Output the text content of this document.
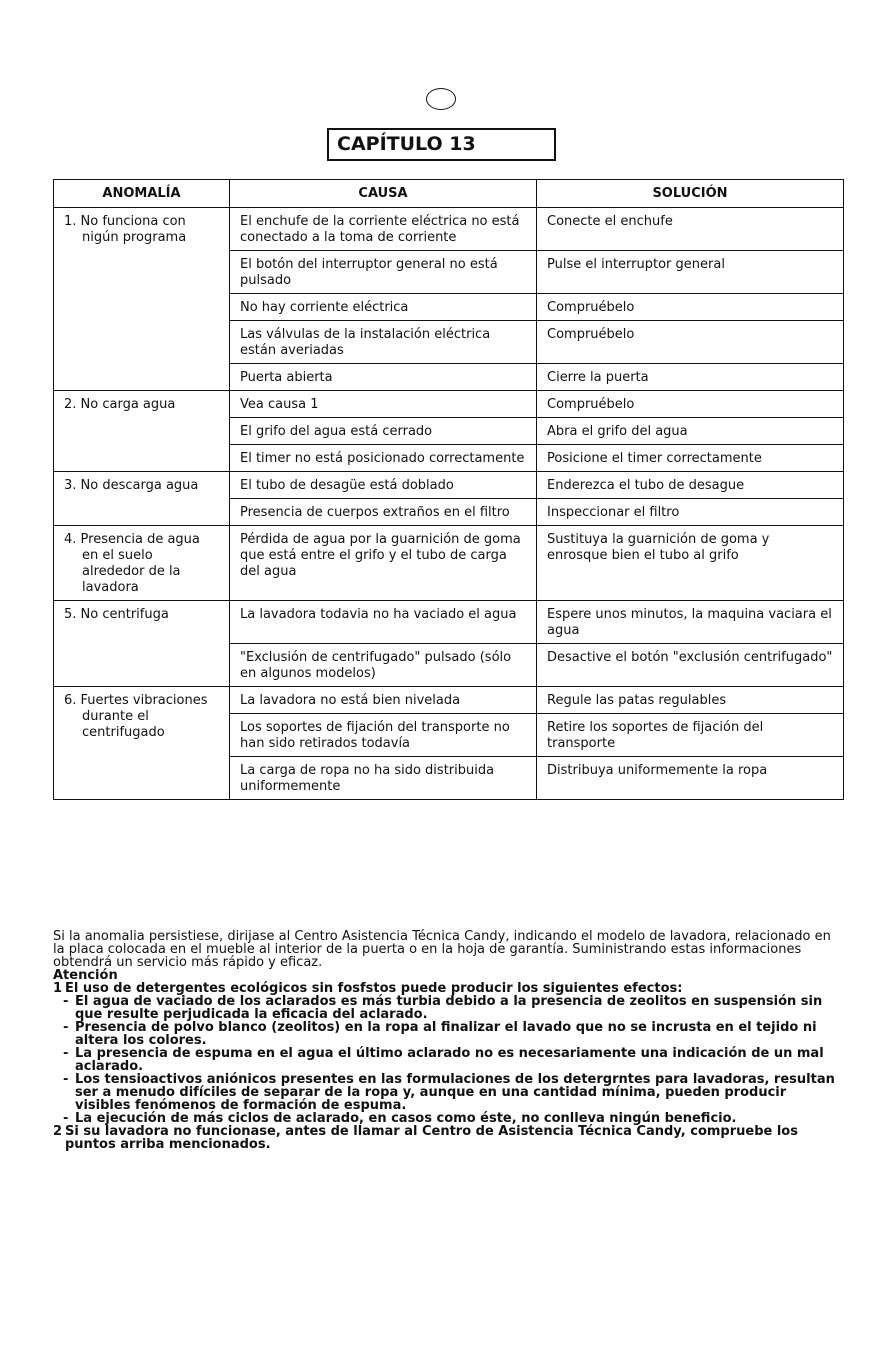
CAPÍTULO 13
ANOMALÍA	CAUSA	SOLUCIÓN

1. No funciona con nigún programa	El enchufe de la corriente eléctrica no está conectado a la toma de corriente	Conecte el enchufe
	El botón del interruptor general no está pulsado	Pulse el interruptor general
	No hay corriente eléctrica	Compruébelo
	Las válvulas de la instalación eléctrica están averiadas	Compruébelo
	Puerta abierta	Cierre la puerta

2. No carga agua	Vea causa 1	Compruébelo
	El grifo del agua está cerrado	Abra el grifo del agua
	El timer no está posicionado correctamente	Posicione el timer correctamente

3. No descarga agua	El tubo de desagüe está doblado	Enderezca el tubo de desague
	Presencia de cuerpos extraños en el filtro	Inspeccionar el filtro

4. Presencia de agua en el suelo alrededor de la lavadora	Pérdida de agua por la guarnición de goma que está entre el grifo y el tubo de carga del agua	Sustituya la guarnición de goma y enrosque bien el tubo al grifo

5. No centrifuga	La lavadora todavia no ha vaciado el agua	Espere unos minutos, la maquina vaciara el agua
	"Exclusión de centrifugado" pulsado (sólo en algunos modelos)	Desactive el botón "exclusión centrifugado"

6. Fuertes vibraciones durante el centrifugado	La lavadora no está bien nivelada	Regule las patas regulables
	Los soportes de fijación del transporte no han sido retirados todavía	Retire los soportes de fijación del transporte
	La carga de ropa no ha sido distribuida uniformemente	Distribuya uniformemente la ropa

Si la anomalia persistiese, dirijase al Centro Asistencia Técnica Candy, indicando el modelo de lavadora, relacionado en la placa colocada en el mueble al interior de la puerta o en la hoja de garantía. Suministrando estas informaciones obtendrá un servicio más rápido y eficaz.

Atención

1 El uso de detergentes ecológicos sin fosfstos puede producir los siguientes efectos:
- El agua de vaciado de los aclarados es más turbia debido a la presencia de zeolitos en suspensión sin que resulte perjudicada la eficacia del aclarado.
- Presencia de polvo blanco (zeolitos) en la ropa al finalizar el lavado que no se incrusta en el tejido ni altera los colores.
- La presencia de espuma en el agua el último aclarado no es necesariamente una indicación de un mal aclarado.
- Los tensioactivos aniónicos presentes en las formulaciones de los detergrntes para lavadoras, resultan ser a menudo difíciles de separar de la ropa y, aunque en una cantidad mínima, pueden producir visibles fenómenos de formación de espuma.
- La ejecución de más ciclos de aclarado, en casos como éste, no conlleva ningún beneficio.
2 Si su lavadora no funcionase, antes de llamar al Centro de Asistencia Técnica Candy, compruebe los puntos arriba mencionados.
